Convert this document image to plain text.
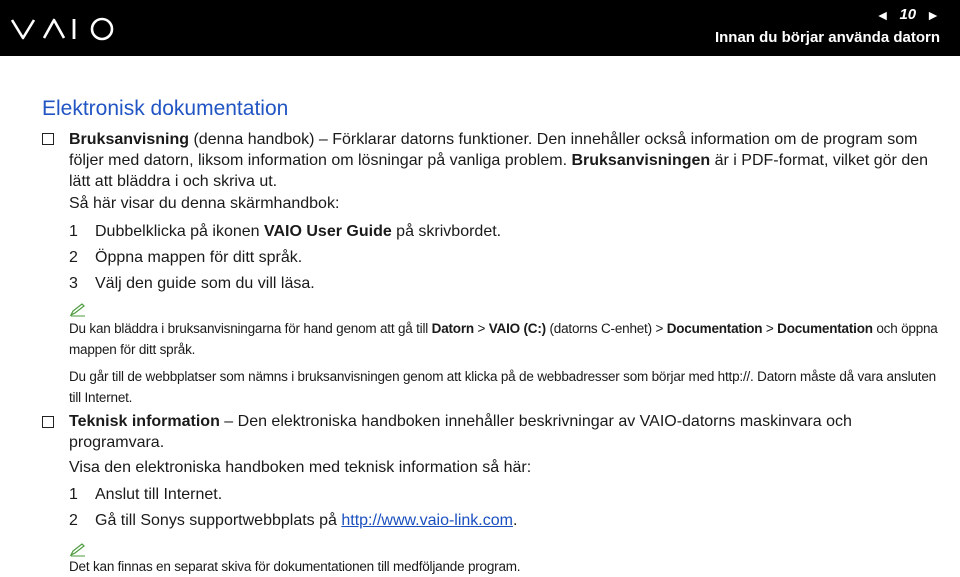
◄ 10 ►
Innan du börjar använda datorn
Elektronisk dokumentation
Bruksanvisning (denna handbok) – Förklarar datorns funktioner. Den innehåller också information om de program som
följer med datorn, liksom information om lösningar på vanliga problem. Bruksanvisningen är i PDF-format, vilket gör den
lätt att bläddra i och skriva ut.
Så här visar du denna skärmhandbok:
1 Dubbelklicka på ikonen VAIO User Guide på skrivbordet.
2 Öppna mappen för ditt språk.
3 Välj den guide som du vill läsa.
Du kan bläddra i bruksanvisningarna för hand genom att gå till Datorn > VAIO (C:) (datorns C-enhet) > Documentation > Documentation och öppna
mappen för ditt språk.
Du går till de webbplatser som nämns i bruksanvisningen genom att klicka på de webbadresser som börjar med http://. Datorn måste då vara ansluten
till Internet.
Teknisk information – Den elektroniska handboken innehåller beskrivningar av VAIO-datorns maskinvara och
programvara.
Visa den elektroniska handboken med teknisk information så här:
1 Anslut till Internet.
2 Gå till Sonys supportwebbplats på http://www.vaio-link.com.
Det kan finnas en separat skiva för dokumentationen till medföljande program.
